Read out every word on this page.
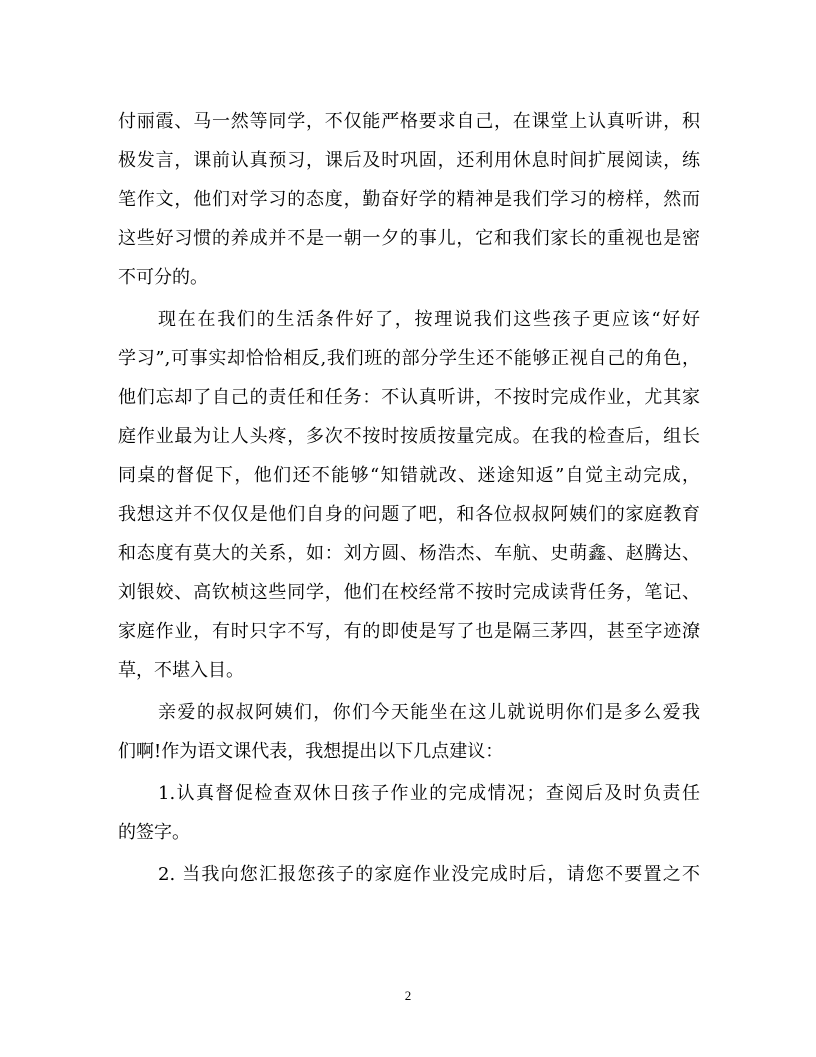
付丽霞、马一然等同学，不仅能严格要求自己，在课堂上认真听讲，积
极发言，课前认真预习，课后及时巩固，还利用休息时间扩展阅读，练
笔作文，他们对学习的态度，勤奋好学的精神是我们学习的榜样，然而
这些好习惯的养成并不是一朝一夕的事儿，它和我们家长的重视也是密
不可分的。
现在在我们的生活条件好了，按理说我们这些孩子更应该“好好
学习”,可事实却恰恰相反,我们班的部分学生还不能够正视自己的角色，
他们忘却了自己的责任和任务：不认真听讲，不按时完成作业，尤其家
庭作业最为让人头疼，多次不按时按质按量完成。在我的检查后，组长
同桌的督促下，他们还不能够“知错就改、迷途知返”自觉主动完成，
我想这并不仅仅是他们自身的问题了吧，和各位叔叔阿姨们的家庭教育
和态度有莫大的关系，如：刘方圆、杨浩杰、车航、史萌鑫、赵腾达、
刘银姣、高钦桢这些同学，他们在校经常不按时完成读背任务，笔记、
家庭作业，有时只字不写，有的即使是写了也是隔三茅四，甚至字迹潦
草，不堪入目。
亲爱的叔叔阿姨们，你们今天能坐在这儿就说明你们是多么爱我
们啊!作为语文课代表，我想提出以下几点建议：
1.认真督促检查双休日孩子作业的完成情况；查阅后及时负责任
的签字。
2. 当我向您汇报您孩子的家庭作业没完成时后，请您不要置之不
2
